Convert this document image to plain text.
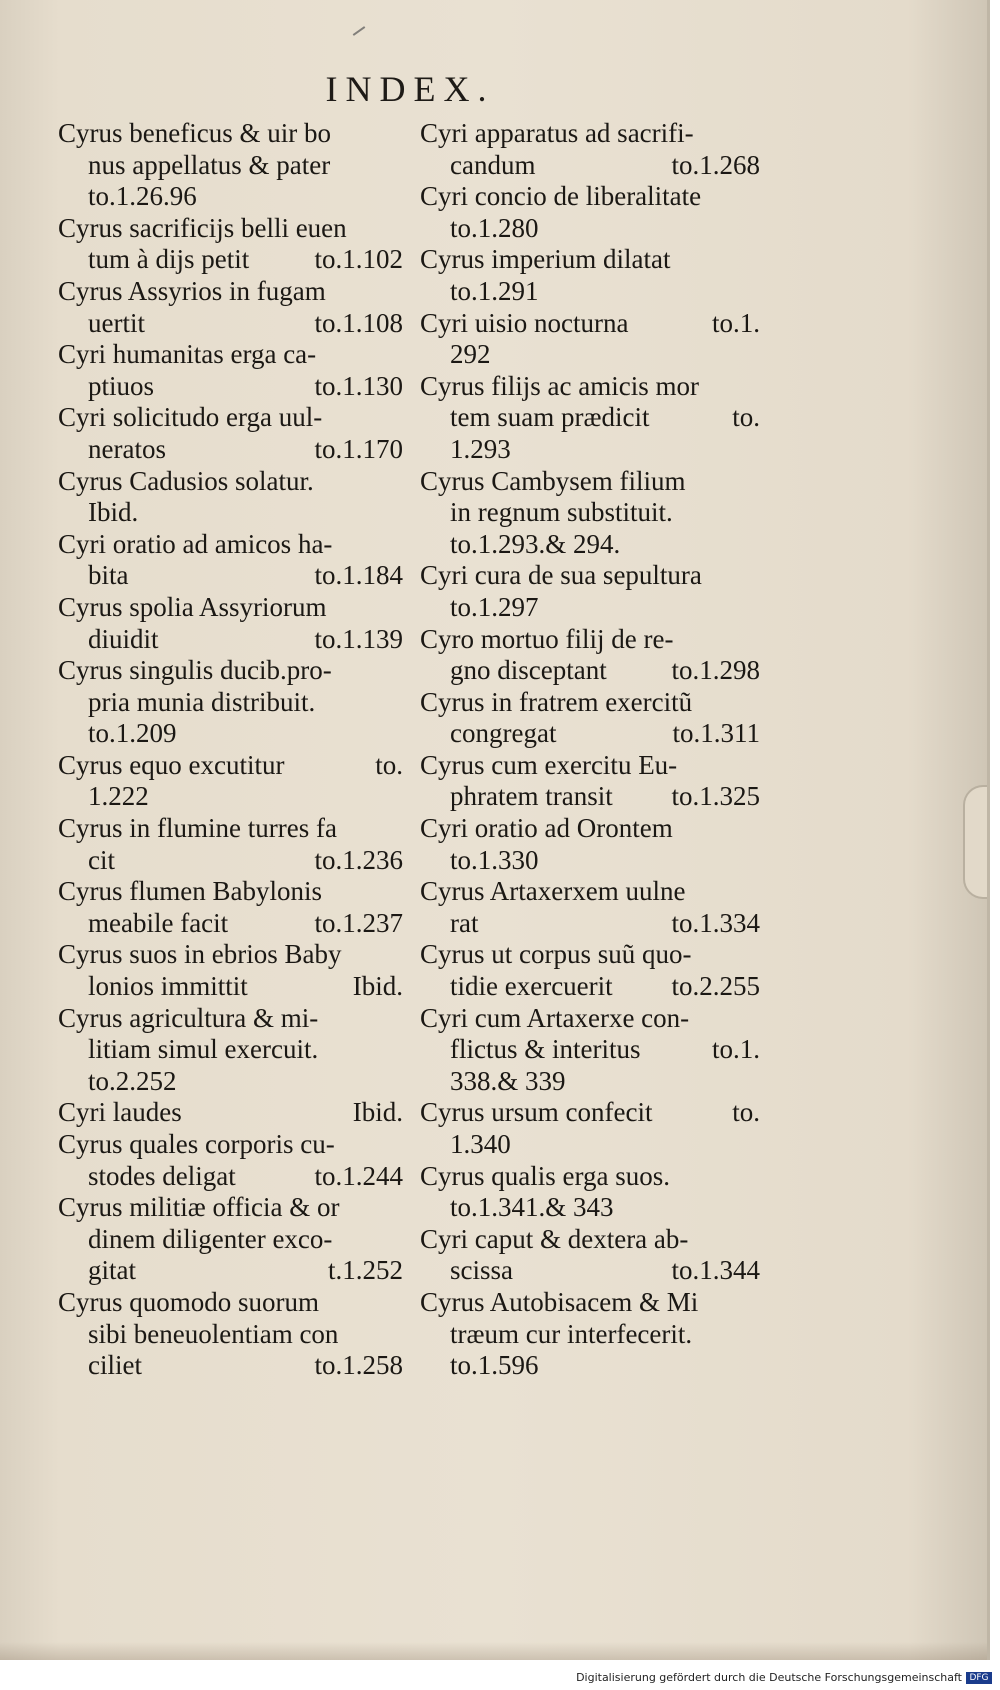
INDEX.
Cyrus beneficus & uir bo
nus appellatus & pater
to.1.26.96
Cyrus sacrificijs belli euen
tum à dijs petit	to.1.102
Cyrus Assyrios in fugam
uertit	to.1.108
Cyri humanitas erga ca-
ptiuos	to.1.130
Cyri solicitudo erga uul-
neratos	to.1.170
Cyrus Cadusios solatur.
Ibid.
Cyri oratio ad amicos ha-
bita	to.1.184
Cyrus spolia Assyriorum
diuidit	to.1.139
Cyrus singulis ducib.pro-
pria munia distribuit.
to.1.209
Cyrus equo excutitur	to.
1.222
Cyrus in flumine turres fa
cit	to.1.236
Cyrus flumen Babylonis
meabile facit	to.1.237
Cyrus suos in ebrios Baby
lonios immittit	Ibid.
Cyrus agricultura & mi-
litiam simul exercuit.
to.2.252
Cyri laudes	Ibid.
Cyrus quales corporis cu-
stodes deligat	to.1.244
Cyrus militiæ officia & or
dinem diligenter exco-
gitat	t.1.252
Cyrus quomodo suorum
sibi beneuolentiam con
ciliet	to.1.258
Cyri apparatus ad sacrifi-
candum	to.1.268
Cyri concio de liberalitate
to.1.280
Cyrus imperium dilatat
to.1.291
Cyri uisio nocturna	to.1.
292
Cyrus filijs ac amicis mor
tem suam prædicit	to.
1.293
Cyrus Cambysem filium
in regnum substituit.
to.1.293.& 294.
Cyri cura de sua sepultura
to.1.297
Cyro mortuo filij de re-
gno disceptant	to.1.298
Cyrus in fratrem exercitũ
congregat	to.1.311
Cyrus cum exercitu Eu-
phratem transit	to.1.325
Cyri oratio ad Orontem
to.1.330
Cyrus Artaxerxem uulne
rat	to.1.334
Cyrus ut corpus suũ quo-
tidie exercuerit	to.2.255
Cyri cum Artaxerxe con-
flictus & interitus	to.1.
338.& 339
Cyrus ursum confecit	to.
1.340
Cyrus qualis erga suos.
to.1.341.& 343
Cyri caput & dextera ab-
scissa	to.1.344
Cyrus Autobisacem & Mi
træum cur interfecerit.
to.1.596
Digitalisierung gefördert durch die Deutsche Forschungsgemeinschaft DFG
